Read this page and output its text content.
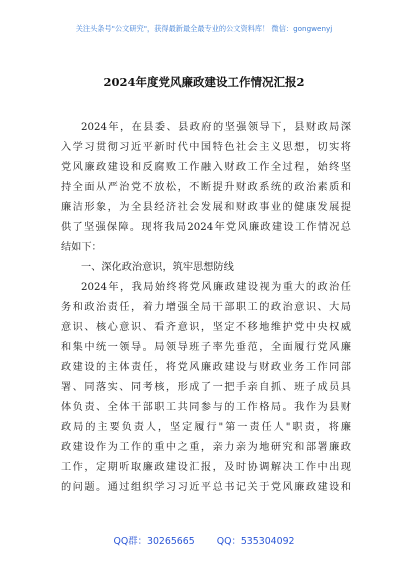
关注头条号"公文研究"，获得最新最全最专业的公文资料库！ 微信：gongwenyj
2024年度党风廉政建设工作情况汇报2
2024年，在县委、县政府的坚强领导下，县财政局深
入学习贯彻习近平新时代中国特色社会主义思想，切实将
党风廉政建设和反腐败工作融入财政工作全过程，始终坚
持全面从严治党不放松，不断提升财政系统的政治素质和
廉洁形象，为全县经济社会发展和财政事业的健康发展提
供了坚强保障。现将我局2024年党风廉政建设工作情况总
结如下：
一、深化政治意识，筑牢思想防线
2024年，我局始终将党风廉政建设视为重大的政治任
务和政治责任，着力增强全局干部职工的政治意识、大局
意识、核心意识、看齐意识，坚定不移地维护党中央权威
和集中统一领导。局领导班子率先垂范，全面履行党风廉
政建设的主体责任，将党风廉政建设与财政业务工作同部
署、同落实、同考核，形成了一把手亲自抓、班子成员具
体负责、全体干部职工共同参与的工作格局。我作为县财
政局的主要负责人，坚定履行"第一责任人"职责，将廉
政建设作为工作的重中之重，亲力亲为地研究和部署廉政
工作，定期听取廉政建设汇报，及时协调解决工作中出现
的问题。通过组织学习习近平总书记关于党风廉政建设和
QQ群：30265665 QQ：535304092
